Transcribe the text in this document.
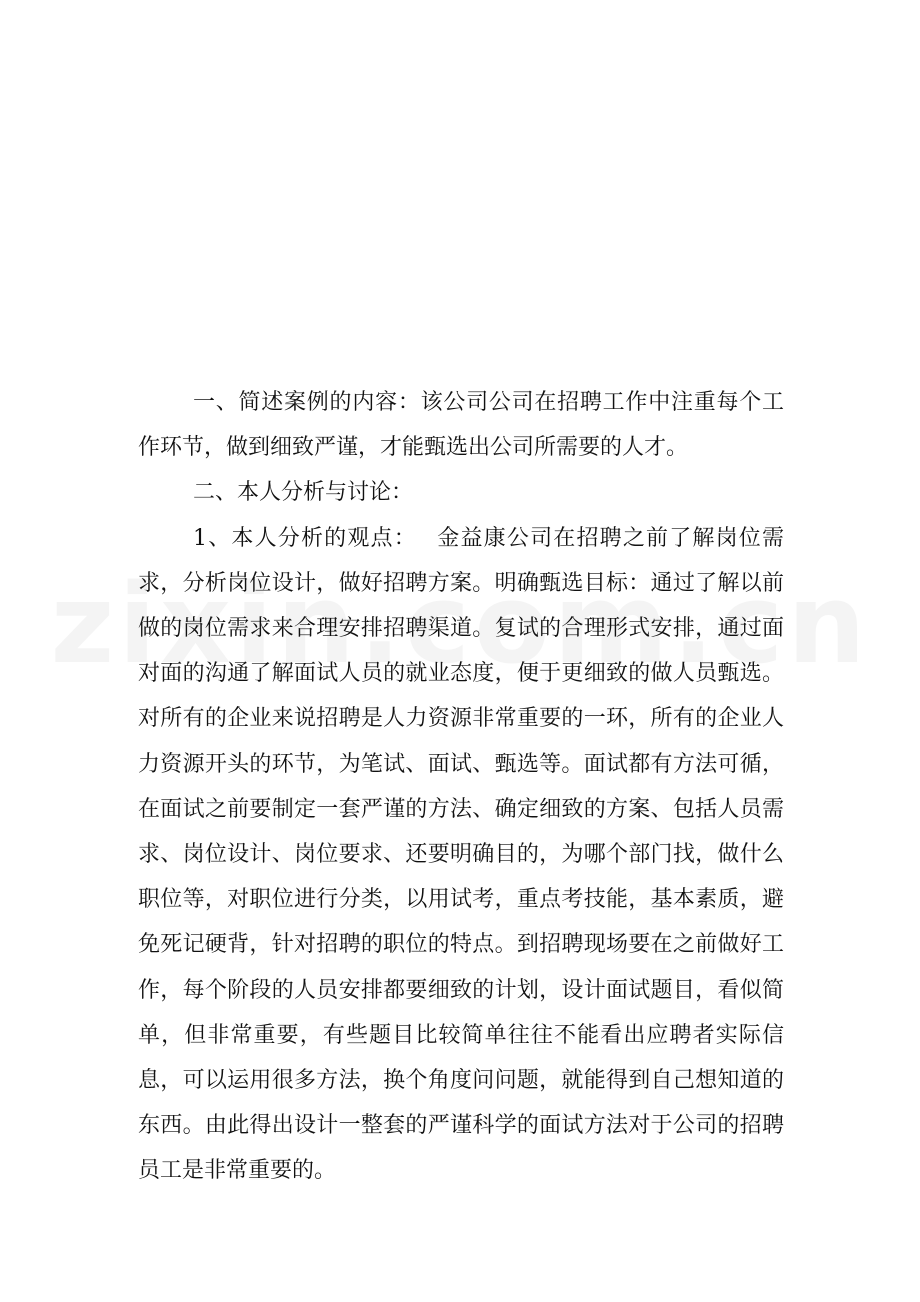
一、简述案例的内容：该公司公司在招聘工作中注重每个工作环节，做到细致严谨，才能甄选出公司所需要的人才。

二、本人分析与讨论：

1、本人分析的观点：　 金益康公司在招聘之前了解岗位需求，分析岗位设计，做好招聘方案。明确甄选目标：通过了解以前做的岗位需求来合理安排招聘渠道。复试的合理形式安排，通过面对面的沟通了解面试人员的就业态度，便于更细致的做人员甄选。对所有的企业来说招聘是人力资源非常重要的一环，所有的企业人力资源开头的环节，为笔试、面试、甄选等。面试都有方法可循，在面试之前要制定一套严谨的方法、确定细致的方案、包括人员需求、岗位设计、岗位要求、还要明确目的，为哪个部门找，做什么职位等，对职位进行分类，以用试考，重点考技能，基本素质，避免死记硬背，针对招聘的职位的特点。到招聘现场要在之前做好工作，每个阶段的人员安排都要细致的计划，设计面试题目，看似简单，但非常重要，有些题目比较简单往往不能看出应聘者实际信息，可以运用很多方法，换个角度问问题，就能得到自己想知道的东西。由此得出设计一整套的严谨科学的面试方法对于公司的招聘员工是非常重要的。
